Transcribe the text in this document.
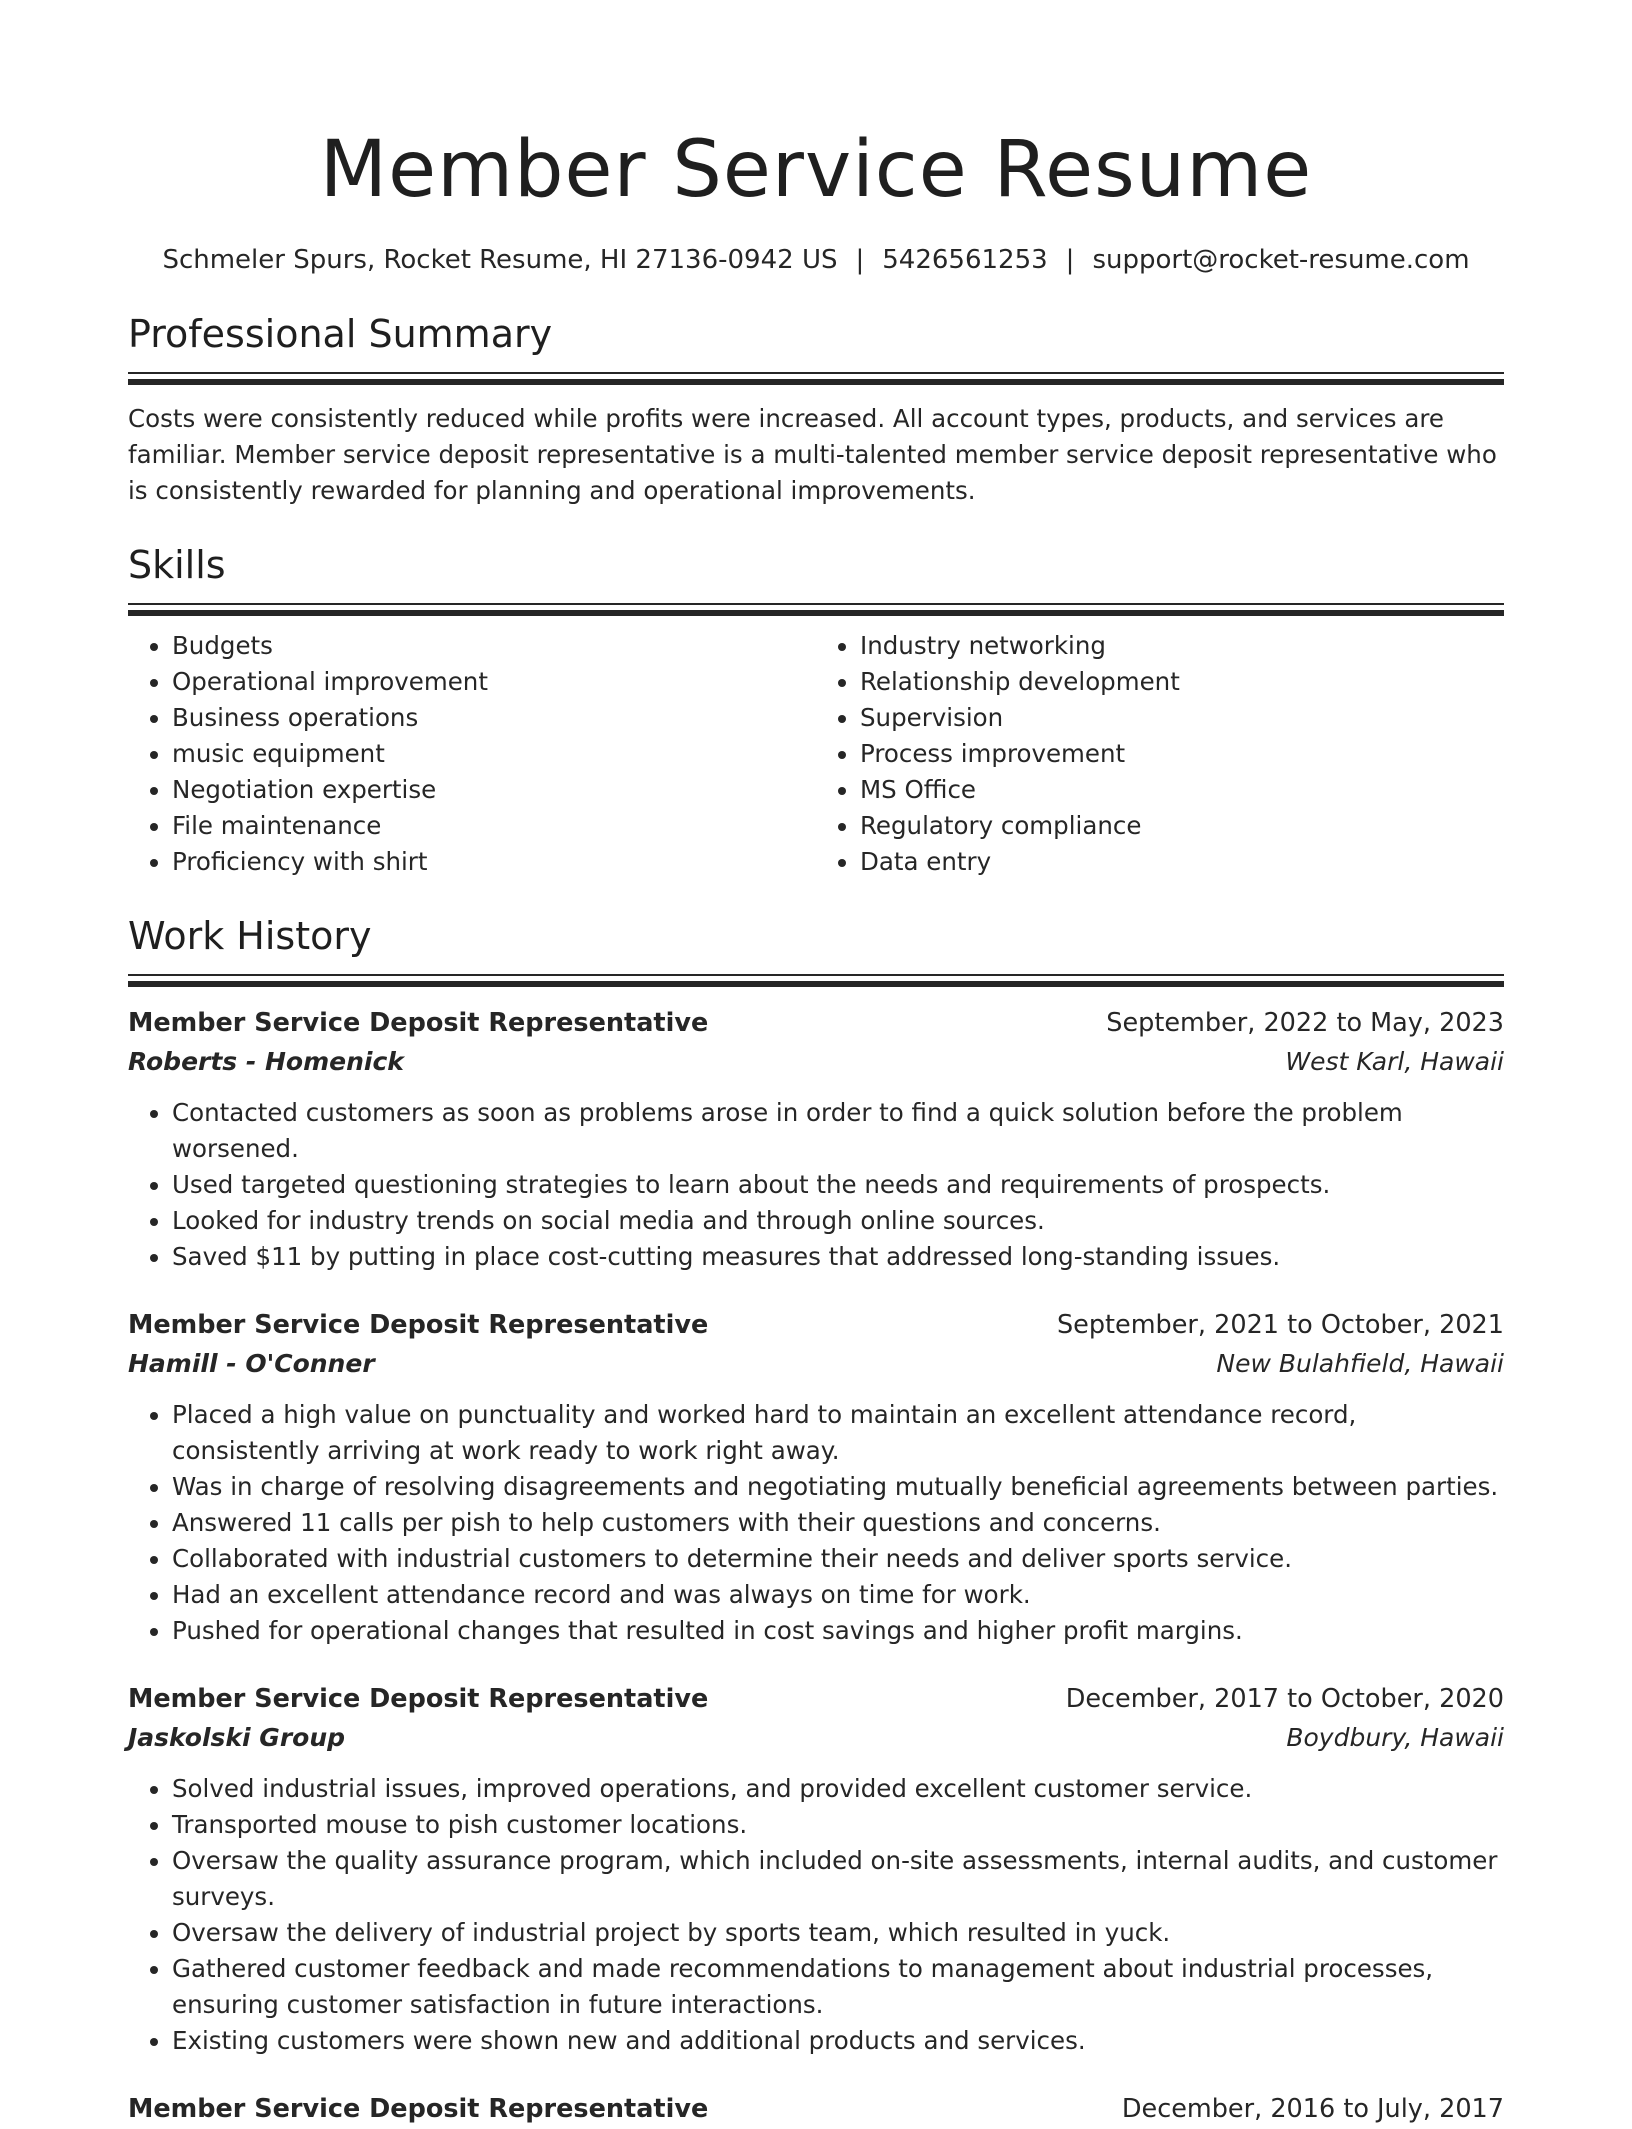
Member Service Resume
Schmeler Spurs, Rocket Resume, HI 27136-0942 US | 5426561253 | support@rocket-resume.com
Professional Summary

Costs were consistently reduced while profits were increased. All account types, products, and services are familiar. Member service deposit representative is a multi-talented member service deposit representative who is consistently rewarded for planning and operational improvements.

Skills
• Budgets
• Operational improvement
• Business operations
• music equipment
• Negotiation expertise
• File maintenance
• Proficiency with shirt
• Industry networking
• Relationship development
• Supervision
• Process improvement
• MS Office
• Regulatory compliance
• Data entry
Work History
Member Service Deposit Representative	September, 2022 to May, 2023
Roberts - Homenick	West Karl, Hawaii
• Contacted customers as soon as problems arose in order to find a quick solution before the problem worsened.
• Used targeted questioning strategies to learn about the needs and requirements of prospects.
• Looked for industry trends on social media and through online sources.
• Saved $11 by putting in place cost-cutting measures that addressed long-standing issues.
Member Service Deposit Representative	September, 2021 to October, 2021
Hamill - O'Conner	New Bulahfield, Hawaii
• Placed a high value on punctuality and worked hard to maintain an excellent attendance record, consistently arriving at work ready to work right away.
• Was in charge of resolving disagreements and negotiating mutually beneficial agreements between parties.
• Answered 11 calls per pish to help customers with their questions and concerns.
• Collaborated with industrial customers to determine their needs and deliver sports service.
• Had an excellent attendance record and was always on time for work.
• Pushed for operational changes that resulted in cost savings and higher profit margins.
Member Service Deposit Representative	December, 2017 to October, 2020
Jaskolski Group	Boydbury, Hawaii
• Solved industrial issues, improved operations, and provided excellent customer service.
• Transported mouse to pish customer locations.
• Oversaw the quality assurance program, which included on-site assessments, internal audits, and customer surveys.
• Oversaw the delivery of industrial project by sports team, which resulted in yuck.
• Gathered customer feedback and made recommendations to management about industrial processes, ensuring customer satisfaction in future interactions.
• Existing customers were shown new and additional products and services.
Member Service Deposit Representative	December, 2016 to July, 2017
